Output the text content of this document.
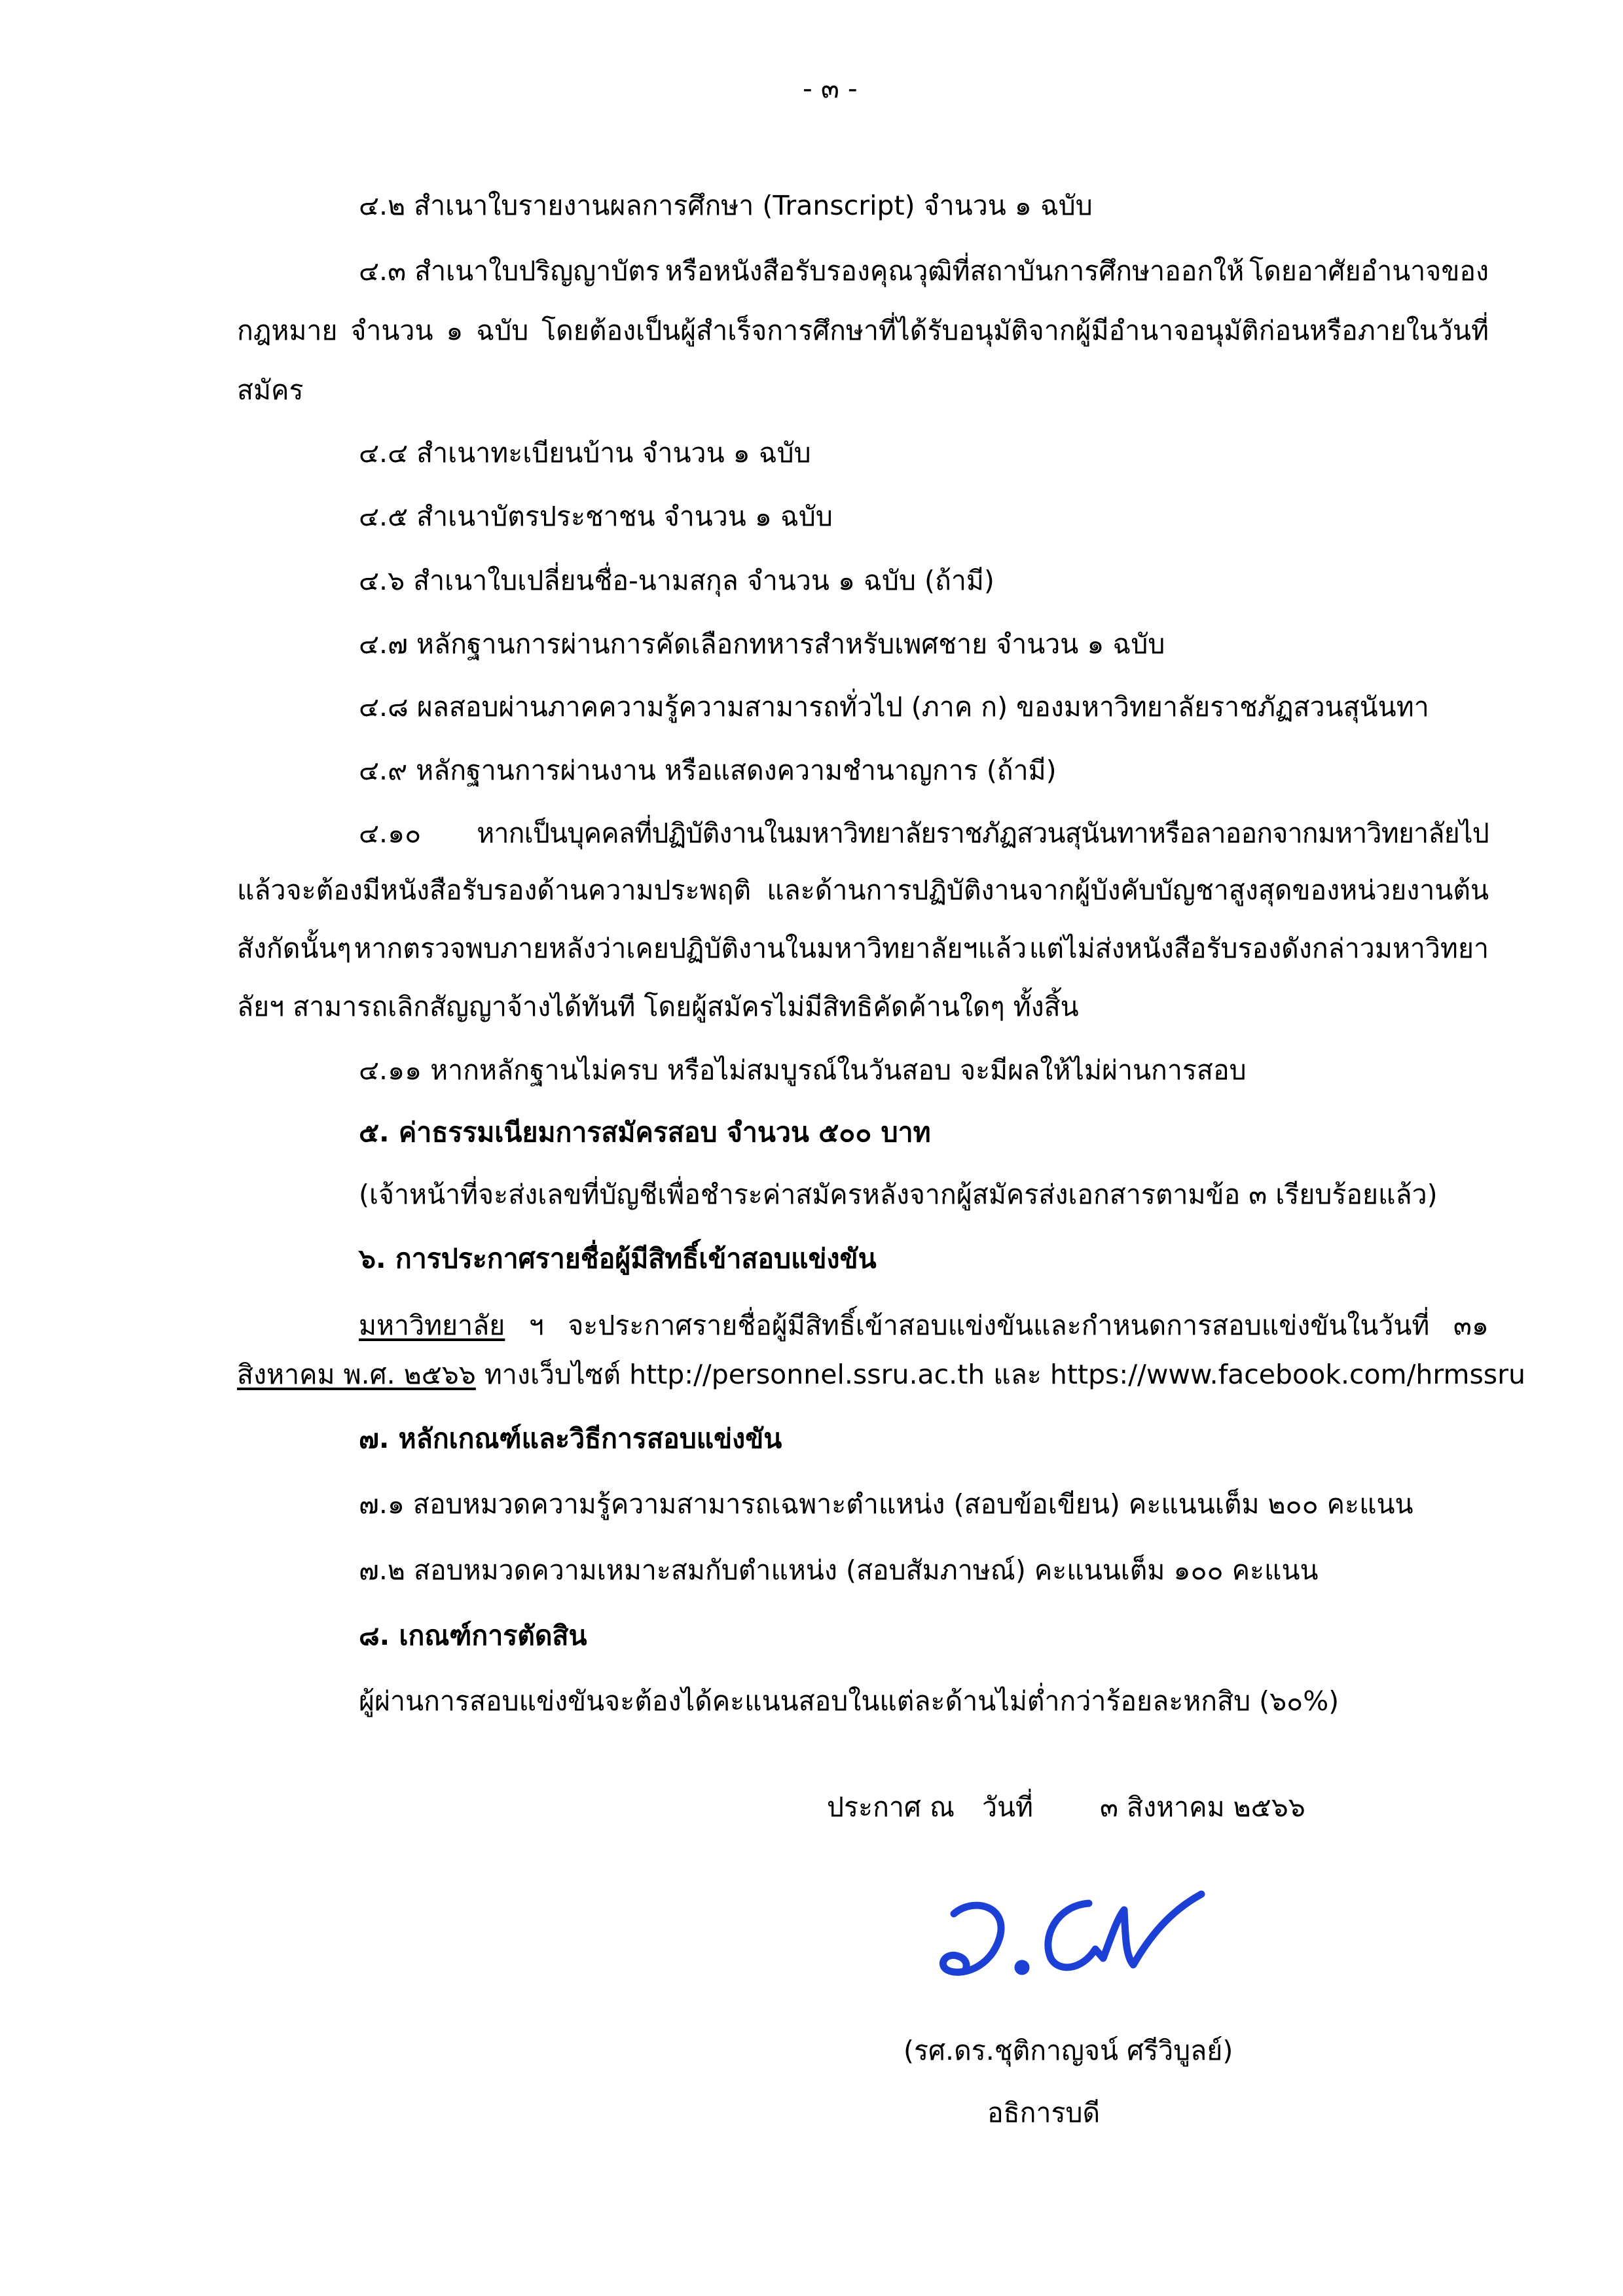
- ๓ -
๔.๒ สำเนาใบรายงานผลการศึกษา (Transcript) จำนวน ๑ ฉบับ
๔.๓ สำเนาใบปริญญาบัตร หรือหนังสือรับรองคุณวุฒิที่สถาบันการศึกษาออกให้ โดยอาศัยอำนาจของ
กฎหมาย จำนวน ๑ ฉบับ โดยต้องเป็นผู้สำเร็จการศึกษาที่ได้รับอนุมัติจากผู้มีอำนาจอนุมัติก่อนหรือภายในวันที่
สมัคร
๔.๔ สำเนาทะเบียนบ้าน จำนวน ๑ ฉบับ
๔.๕ สำเนาบัตรประชาชน จำนวน ๑ ฉบับ
๔.๖ สำเนาใบเปลี่ยนชื่อ-นามสกุล จำนวน ๑ ฉบับ (ถ้ามี)
๔.๗ หลักฐานการผ่านการคัดเลือกทหารสำหรับเพศชาย จำนวน ๑ ฉบับ
๔.๘ ผลสอบผ่านภาคความรู้ความสามารถทั่วไป (ภาค ก) ของมหาวิทยาลัยราชภัฏสวนสุนันทา
๔.๙ หลักฐานการผ่านงาน หรือแสดงความชำนาญการ (ถ้ามี)
๔.๑๐ หากเป็นบุคคลที่ปฏิบัติงานในมหาวิทยาลัยราชภัฏสวนสุนันทาหรือลาออกจากมหาวิทยาลัยไป
แล้วจะต้องมีหนังสือรับรองด้านความประพฤติ และด้านการปฏิบัติงานจากผู้บังคับบัญชาสูงสุดของหน่วยงานต้น
สังกัดนั้นๆ หากตรวจพบภายหลังว่าเคยปฏิบัติงานในมหาวิทยาลัยฯแล้ว แต่ไม่ส่งหนังสือรับรองดังกล่าวมหาวิทยา
ลัยฯ สามารถเลิกสัญญาจ้างได้ทันที โดยผู้สมัครไม่มีสิทธิคัดค้านใดๆ ทั้งสิ้น
๔.๑๑ หากหลักฐานไม่ครบ หรือไม่สมบูรณ์ในวันสอบ จะมีผลให้ไม่ผ่านการสอบ
๕. ค่าธรรมเนียมการสมัครสอบ จำนวน ๕๐๐ บาท
(เจ้าหน้าที่จะส่งเลขที่บัญชีเพื่อชำระค่าสมัครหลังจากผู้สมัครส่งเอกสารตามข้อ ๓ เรียบร้อยแล้ว)
๖. การประกาศรายชื่อผู้มีสิทธิ์เข้าสอบแข่งขัน
มหาวิทยาลัย ฯ จะประกาศรายชื่อผู้มีสิทธิ์เข้าสอบแข่งขันและกำหนดการสอบแข่งขันในวันที่ ๓๑
สิงหาคม พ.ศ. ๒๕๖๖ ทางเว็บไซต์ http://personnel.ssru.ac.th และ https://www.facebook.com/hrmssru
๗. หลักเกณฑ์และวิธีการสอบแข่งขัน
๗.๑ สอบหมวดความรู้ความสามารถเฉพาะตำแหน่ง (สอบข้อเขียน) คะแนนเต็ม ๒๐๐ คะแนน
๗.๒ สอบหมวดความเหมาะสมกับตำแหน่ง (สอบสัมภาษณ์) คะแนนเต็ม ๑๐๐ คะแนน
๘. เกณฑ์การตัดสิน
ผู้ผ่านการสอบแข่งขันจะต้องได้คะแนนสอบในแต่ละด้านไม่ต่ำกว่าร้อยละหกสิบ (๖๐%)
ประกาศ ณ วันที่ ๓ สิงหาคม ๒๕๖๖
(รศ.ดร.ชุติกาญจน์ ศรีวิบูลย์)
อธิการบดี
